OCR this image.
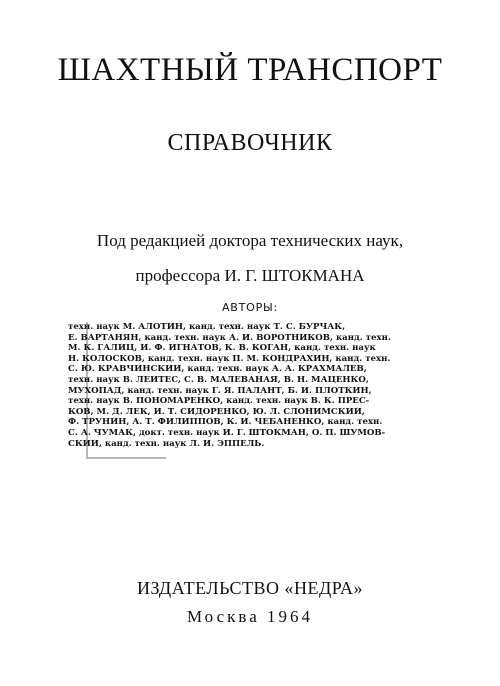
ШАХТНЫЙ ТРАНСПОРТ
СПРАВОЧНИК
Под редакцией доктора технических наук,
профессора И. Г. ШТОКМАНА
АВТОРЫ:
техн. наук М. АЛОТИН, канд. техн. наук Т. С. БУРЧАК,
Е. ВАРТАНЯН, канд. техн. наук А. И. ВОРОТНИКОВ, канд. техн.
М. К. ГАЛИЦ, И. Ф. ИГНАТОВ, К. В. КОГАН, канд. техн. наук
Н. КОЛОСКОВ, канд. техн. наук П. М. КОНДРАХИН, канд. техн.
С. Ю. КРАВЧИНСКИЙ, канд. техн. наук А. А. КРАХМАЛЕВ,
техн. наук В. ЛЕЙТЕС, С. В. МАЛЕВАНАЯ, В. Н. МАЦЕНКО,
МУХОПАД, канд. техн. наук Г. Я. ПАЛАНТ, Б. И. ПЛОТКИН,
техн. наук В. ПОНОМАРЕНКО, канд. техн. наук В. К. ПРЕС-
КОВ, М. Д. ЛЕК, И. Т. СИДОРЕНКО, Ю. Л. СЛОНИМСКИЙ,
Ф. ТРУНИН, А. Т. ФИЛИППОВ, К. И. ЧЕБАНЕНКО, канд. техн.
С. А. ЧУМАК, докт. техн. наук И. Г. ШТОКМАН, О. П. ШУМОВ-
СКИЙ, канд. техн. наук Л. И. ЭППЕЛЬ.
ИЗДАТЕЛЬСТВО «НЕДРА»
Москва 1964
